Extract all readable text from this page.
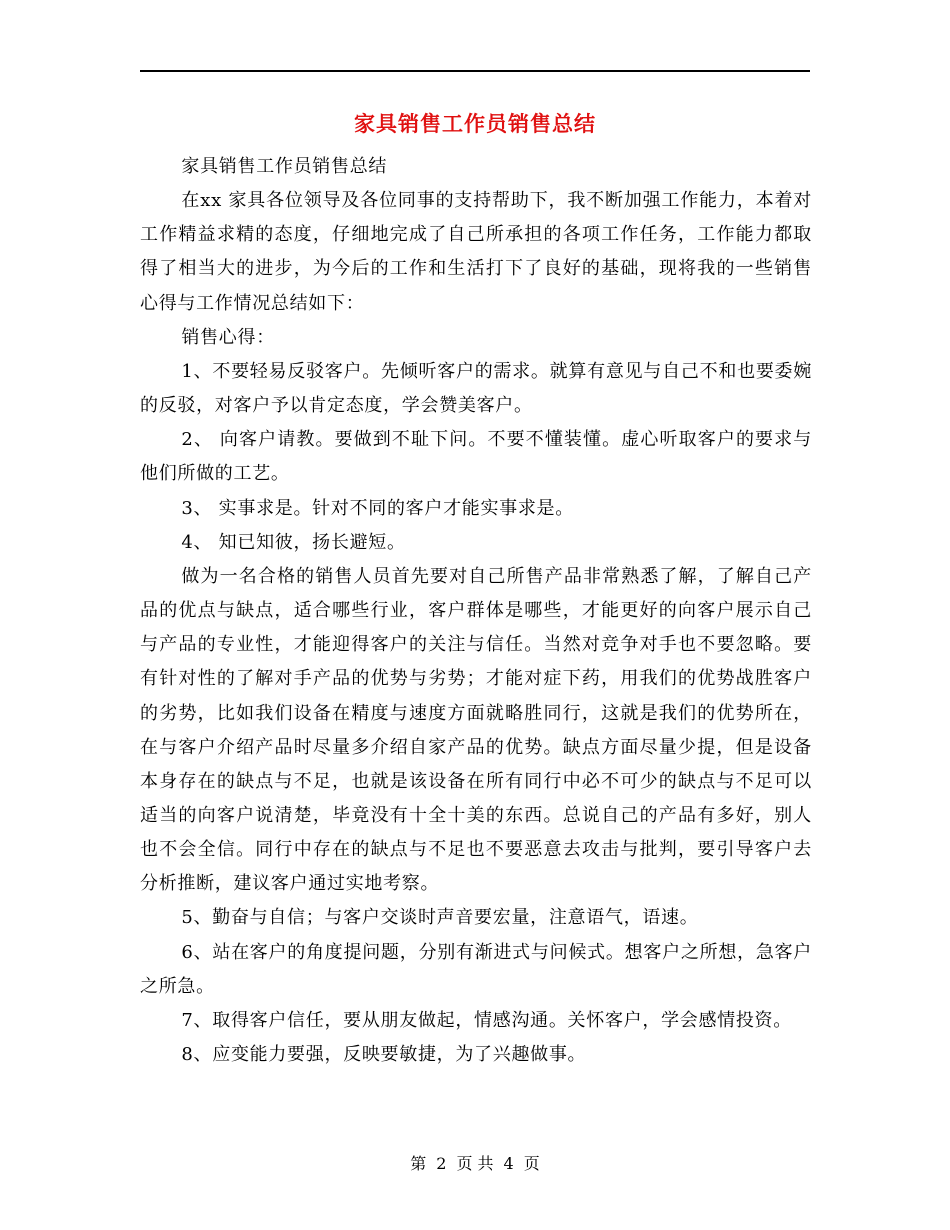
家具销售工作员销售总结

家具销售工作员销售总结

在xx 家具各位领导及各位同事的支持帮助下，我不断加强工作能力，本着对工作精益求精的态度，仔细地完成了自己所承担的各项工作任务，工作能力都取得了相当大的进步，为今后的工作和生活打下了良好的基础，现将我的一些销售心得与工作情况总结如下：

销售心得：

1、不要轻易反驳客户。先倾听客户的需求。就算有意见与自己不和也要委婉的反驳，对客户予以肯定态度，学会赞美客户。

2、 向客户请教。要做到不耻下问。不要不懂装懂。虚心听取客户的要求与他们所做的工艺。

3、 实事求是。针对不同的客户才能实事求是。

4、 知已知彼，扬长避短。

做为一名合格的销售人员首先要对自己所售产品非常熟悉了解，了解自己产品的优点与缺点，适合哪些行业，客户群体是哪些，才能更好的向客户展示自己与产品的专业性，才能迎得客户的关注与信任。当然对竞争对手也不要忽略。要有针对性的了解对手产品的优势与劣势；才能对症下药，用我们的优势战胜客户的劣势，比如我们设备在精度与速度方面就略胜同行，这就是我们的优势所在，在与客户介绍产品时尽量多介绍自家产品的优势。缺点方面尽量少提，但是设备本身存在的缺点与不足，也就是该设备在所有同行中必不可少的缺点与不足可以适当的向客户说清楚，毕竟没有十全十美的东西。总说自己的产品有多好，别人也不会全信。同行中存在的缺点与不足也不要恶意去攻击与批判，要引导客户去分析推断，建议客户通过实地考察。

5、勤奋与自信；与客户交谈时声音要宏量，注意语气，语速。

6、站在客户的角度提问题，分别有渐进式与问候式。想客户之所想，急客户之所急。

7、取得客户信任，要从朋友做起，情感沟通。关怀客户，学会感情投资。

8、应变能力要强，反映要敏捷，为了兴趣做事。

第 2 页 共 4 页
